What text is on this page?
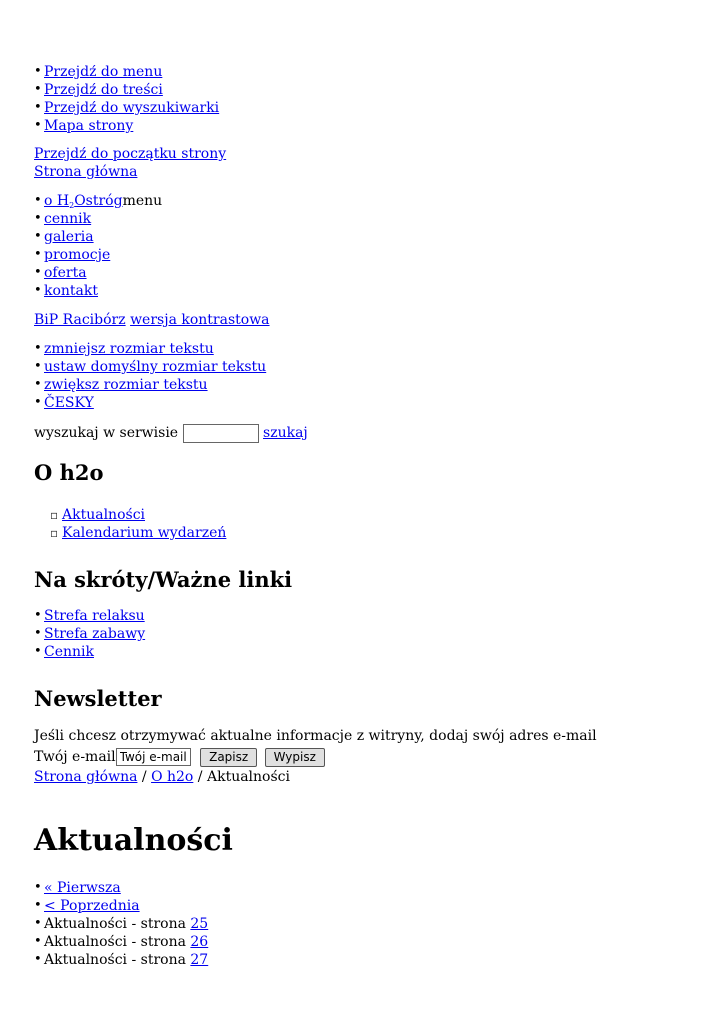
• Przejdź do menu
• Przejdź do treści
• Przejdź do wyszukiwarki
• Mapa strony
Przejdź do początku strony
Strona główna
• o $H_2Ostrógmenu$
• cennik
• galeria
• promocje
• oferta
• kontakt
BiP Racibórz wersja kontrastowa
• zmniejsz rozmiar tekstu
• ustaw domyślny rozmiar tekstu
• zwiększ rozmiar tekstu
• ČESKY
wyszukaj w serwisie	szukaj
O h2o
▫ Aktualności
▫ Kalendarium wydarzeń
Na skróty/Ważne linki
• Strefa relaksu
• Strefa zabawy
• Cennik
Newsletter
Jeśli chcesz otrzymywać aktualne informacje z witryny, dodaj swój adres e-mail
Twój e-mailTwój e-mail	Zapisz Wypisz
Strona główna / O h2o / Aktualności
Aktualności
• « Pierwsza
• < Poprzednia
• Aktualności - strona 25
• Aktualności - strona 26
• Aktualności - strona 27
